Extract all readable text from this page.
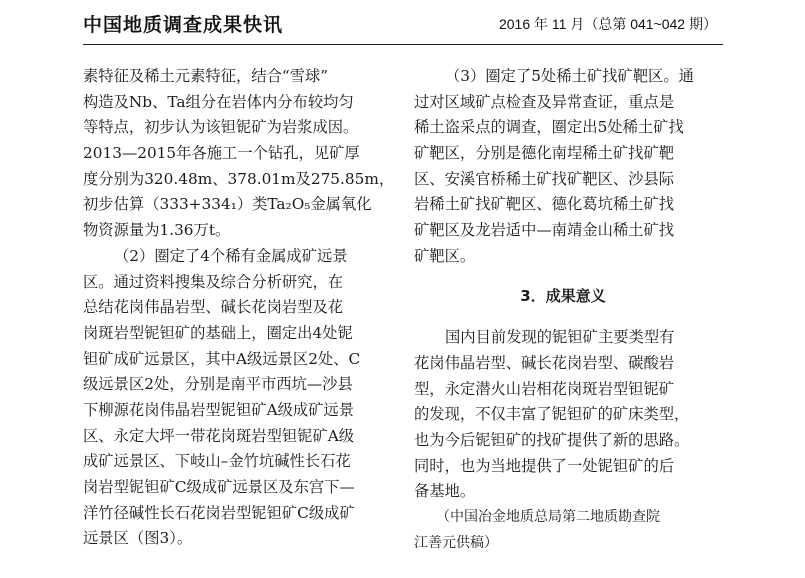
中国地质调查成果快讯	2016 年 11 月（总第 041~042 期）
素特征及稀土元素特征，结合“雪球”
构造及Nb、Ta组分在岩体内分布较均匀
等特点，初步认为该钽铌矿为岩浆成因。
2013—2015年各施工一个钻孔，见矿厚
度分别为320.48m、378.01m及275.85m，
初步估算（333+334₁）类Ta₂O₅金属氧化
物资源量为1.36万t。
（2）圈定了4个稀有金属成矿远景
区。通过资料搜集及综合分析研究，在
总结花岗伟晶岩型、碱长花岗岩型及花
岗斑岩型铌钽矿的基础上，圈定出4处铌
钽矿成矿远景区，其中A级远景区2处、C
级远景区2处，分别是南平市西坑—沙县
下柳源花岗伟晶岩型铌钽矿A级成矿远景
区、永定大坪一带花岗斑岩型钽铌矿A级
成矿远景区、下岐山–金竹坑碱性长石花
岗岩型铌钽矿C级成矿远景区及东宫下—
洋竹径碱性长石花岗岩型铌钽矿C级成矿
远景区（图3）。
（3）圈定了5处稀土矿找矿靶区。通
过对区域矿点检查及异常查证，重点是
稀土盗采点的调查，圈定出5处稀土矿找
矿靶区，分别是德化南埕稀土矿找矿靶
区、安溪官桥稀土矿找矿靶区、沙县际
岩稀土矿找矿靶区、德化葛坑稀土矿找
矿靶区及龙岩适中—南靖金山稀土矿找
矿靶区。
3．成果意义
国内目前发现的铌钽矿主要类型有
花岗伟晶岩型、碱长花岗岩型、碳酸岩
型，永定潜火山岩相花岗斑岩型钽铌矿
的发现，不仅丰富了铌钽矿的矿床类型，
也为今后铌钽矿的找矿提供了新的思路。
同时，也为当地提供了一处铌钽矿的后
备基地。
（中国冶金地质总局第二地质勘查院
江善元供稿）
